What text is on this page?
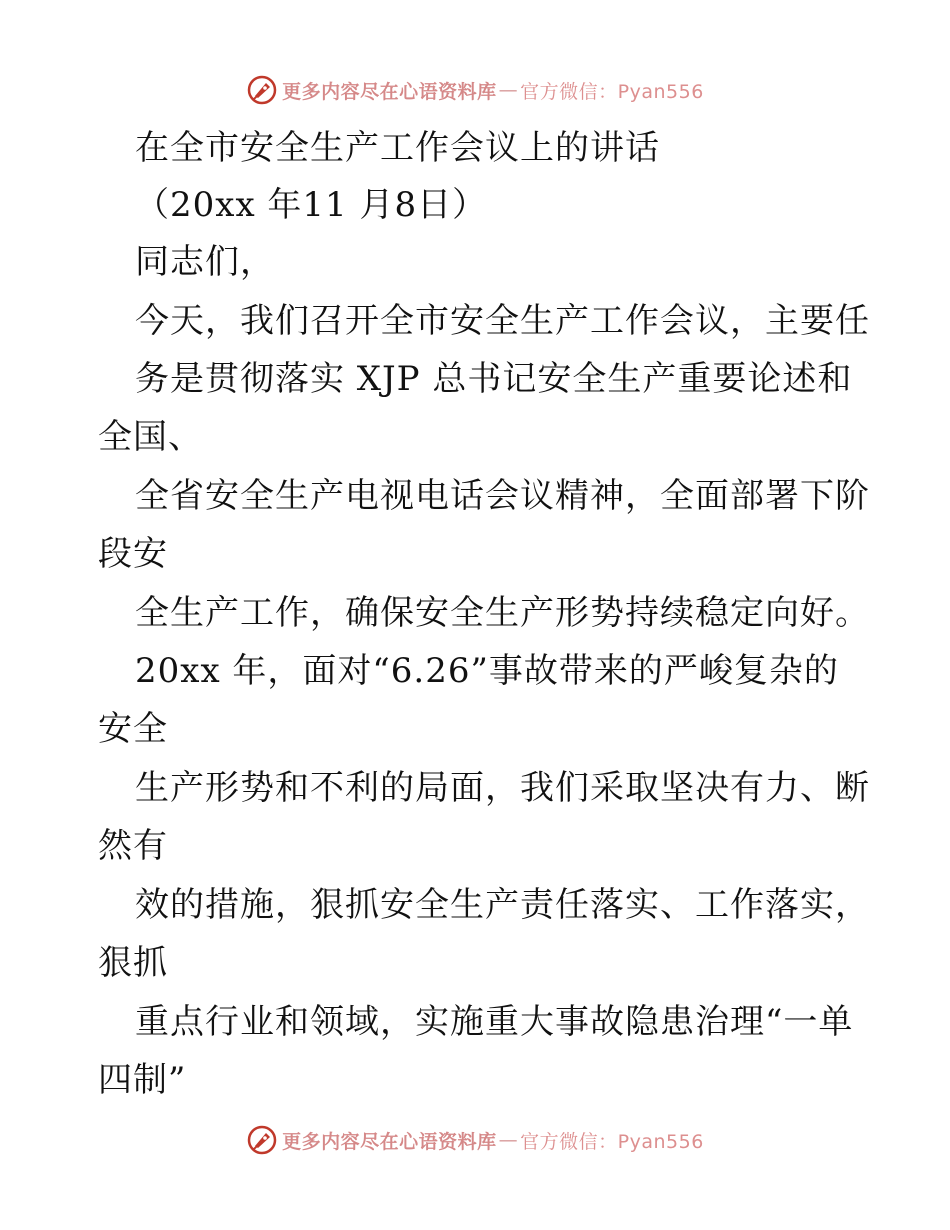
更多内容尽在心语资料库 — 官方微信：Pyan556
在全市安全生产工作会议上的讲话
（20xx 年11 月8日）
同志们，
今天，我们召开全市安全生产工作会议，主要任
务是贯彻落实 XJP 总书记安全生产重要论述和
全国、
全省安全生产电视电话会议精神，全面部署下阶
段安
全生产工作，确保安全生产形势持续稳定向好。
20xx 年，面对“6.26”事故带来的严峻复杂的
安全
生产形势和不利的局面，我们采取坚决有力、断
然有
效的措施，狠抓安全生产责任落实、工作落实，
狠抓
重点行业和领域，实施重大事故隐患治理“一单
四制”
更多内容尽在心语资料库 — 官方微信：Pyan556
